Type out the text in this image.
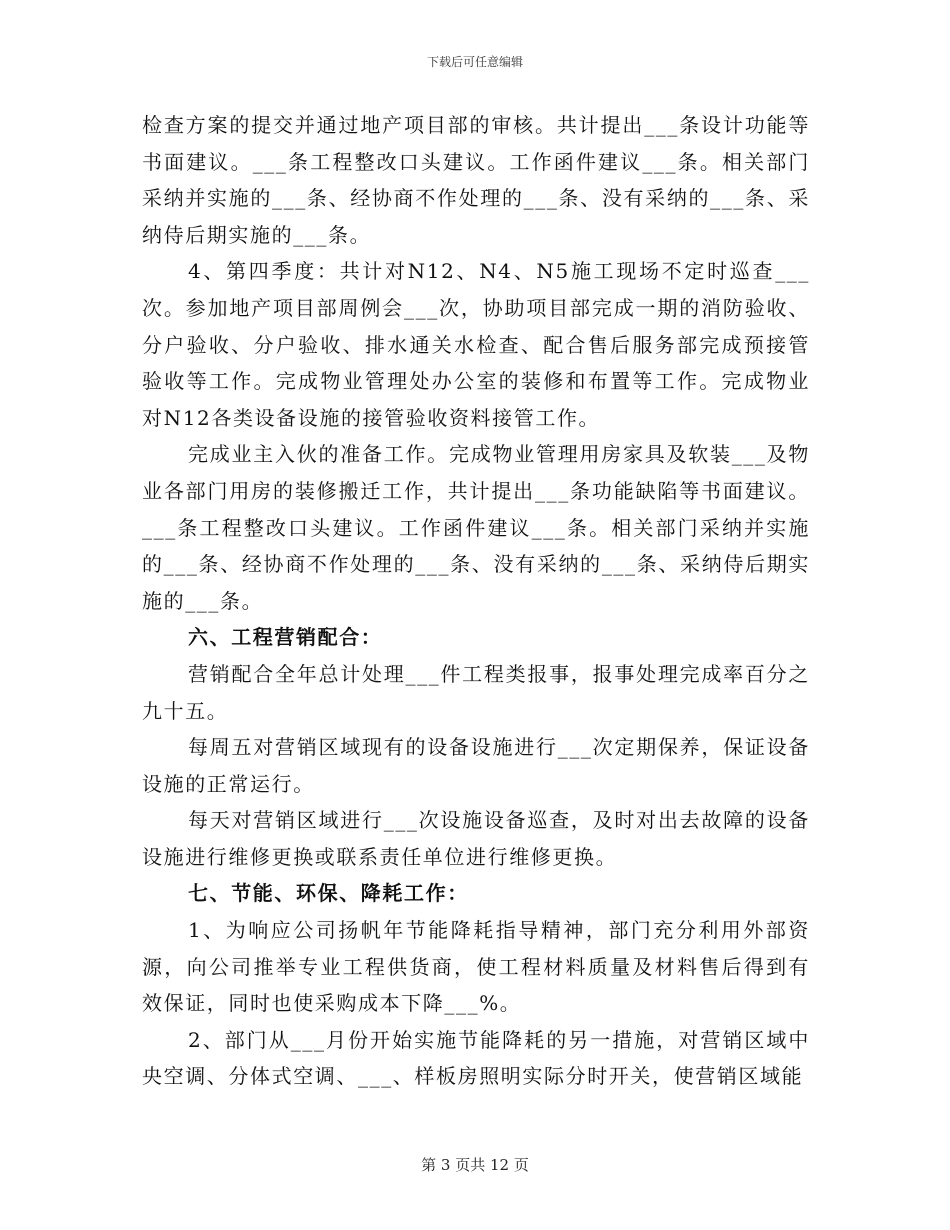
下载后可任意编辑

检查方案的提交并通过地产项目部的审核。共计提出___条设计功能等书面建议。___条工程整改口头建议。工作函件建议___条。相关部门采纳并实施的___条、经协商不作处理的___条、没有采纳的___条、采纳侍后期实施的___条。

4、第四季度：共计对N12、N4、N5施工现场不定时巡查___次。参加地产项目部周例会___次，协助项目部完成一期的消防验收、分户验收、分户验收、排水通关水检查、配合售后服务部完成预接管验收等工作。完成物业管理处办公室的装修和布置等工作。完成物业对N12各类设备设施的接管验收资料接管工作。

完成业主入伙的准备工作。完成物业管理用房家具及软装___及物业各部门用房的装修搬迁工作，共计提出___条功能缺陷等书面建议。___条工程整改口头建议。工作函件建议___条。相关部门采纳并实施的___条、经协商不作处理的___条、没有采纳的___条、采纳侍后期实施的___条。

六、工程营销配合：

营销配合全年总计处理___件工程类报事，报事处理完成率百分之九十五。

每周五对营销区域现有的设备设施进行___次定期保养，保证设备设施的正常运行。

每天对营销区域进行___次设施设备巡查，及时对出去故障的设备设施进行维修更换或联系责任单位进行维修更换。

七、节能、环保、降耗工作：

1、为响应公司扬帆年节能降耗指导精神，部门充分利用外部资源，向公司推举专业工程供货商，使工程材料质量及材料售后得到有效保证，同时也使采购成本下降___%。

2、部门从___月份开始实施节能降耗的另一措施，对营销区域中央空调、分体式空调、___、样板房照明实际分时开关，使营销区域能

第 3 页共 12 页
